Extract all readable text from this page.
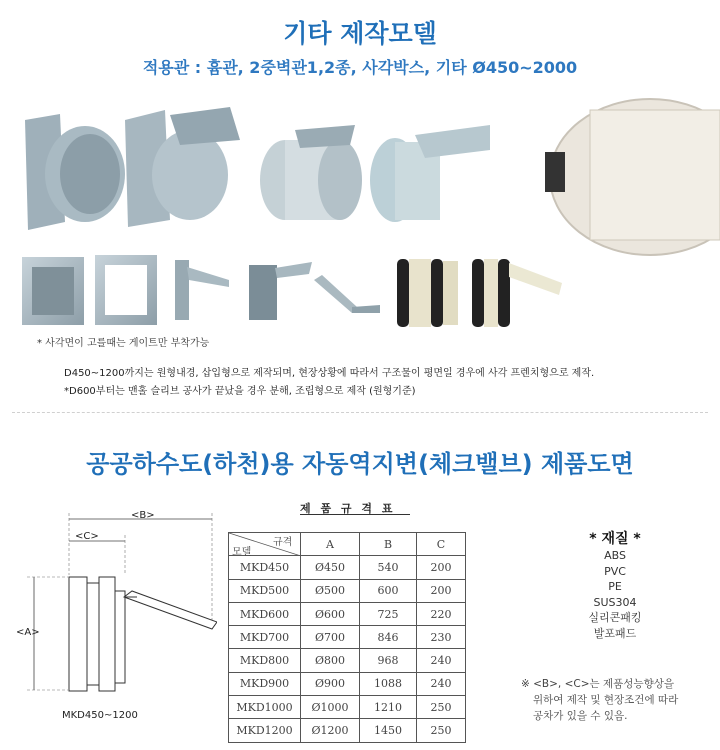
기타 제작모델
적용관 : 흄관, 2중벽관1,2종, 사각박스, 기타 Ø450~2000
* 사각면이 고를때는 게이트만 부착가능
D450~1200까지는 원형내경, 삽입형으로 제작되며, 현장상황에 따라서 구조물이 평면일 경우에 사각 프렌치형으로 제작.
*D600부터는 맨홀 슬리브 공사가 끝났을 경우 분해, 조립형으로 제작 (원형기준)
공공하수도(하천)용 자동역지변(체크밸브) 제품도면
<B>
<C>
<A>
MKD450~1200
제 품 규 격 표
규격
모델	A	B	C
MKD450	Ø450	540	200
MKD500	Ø500	600	200
MKD600	Ø600	725	220
MKD700	Ø700	846	230
MKD800	Ø800	968	240
MKD900	Ø900	1088	240
MKD1000	Ø1000	1210	250
MKD1200	Ø1200	1450	250
* 재질 *
ABS
PVC
PE
SUS304
실리콘패킹
발포패드
※ <B>, <C>는 제품성능향상을
위하여 제작 및 현장조건에 따라
공차가 있을 수 있음.
